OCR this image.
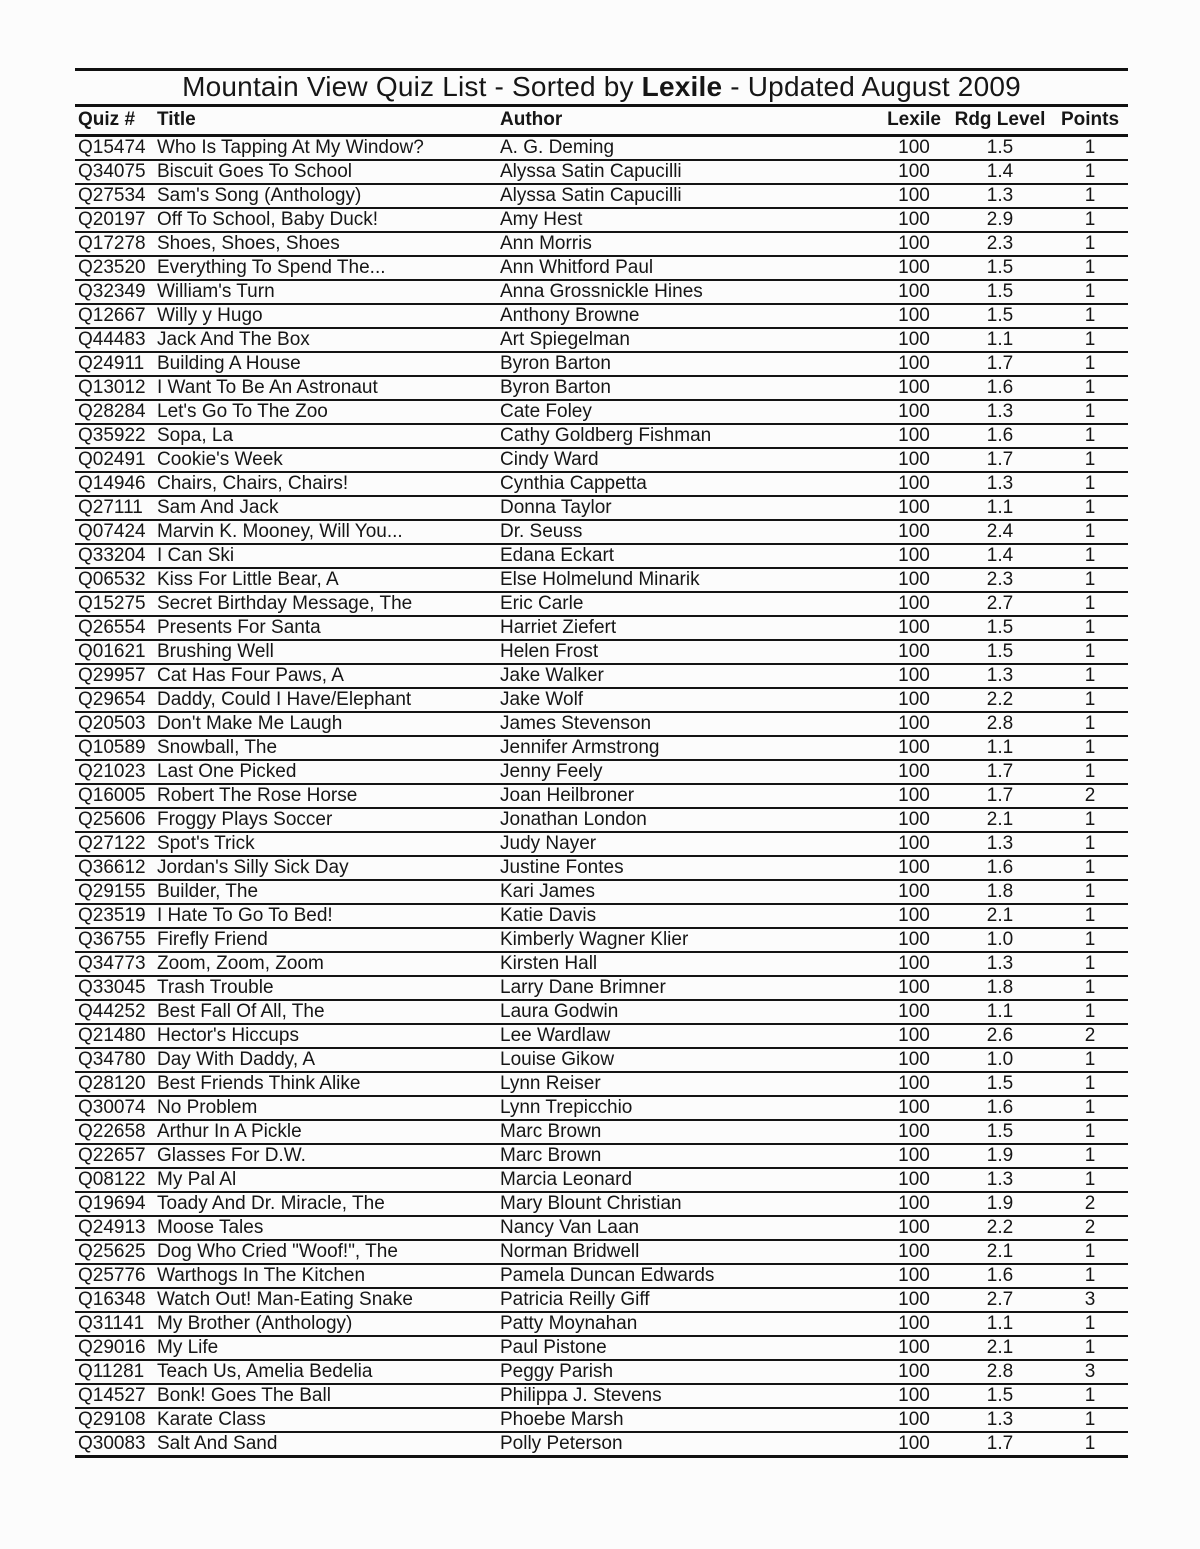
Mountain View Quiz List - Sorted by Lexile - Updated August 2009
Quiz #	Title	Author	Lexile	Rdg Level	Points
Q15474	Who Is Tapping At My Window?	A. G. Deming	100	1.5	1
Q34075	Biscuit Goes To School	Alyssa Satin Capucilli	100	1.4	1
Q27534	Sam's Song (Anthology)	Alyssa Satin Capucilli	100	1.3	1
Q20197	Off To School, Baby Duck!	Amy Hest	100	2.9	1
Q17278	Shoes, Shoes, Shoes	Ann Morris	100	2.3	1
Q23520	Everything To Spend The...	Ann Whitford Paul	100	1.5	1
Q32349	William's Turn	Anna Grossnickle Hines	100	1.5	1
Q12667	Willy y Hugo	Anthony Browne	100	1.5	1
Q44483	Jack And The Box	Art Spiegelman	100	1.1	1
Q24911	Building A House	Byron Barton	100	1.7	1
Q13012	I Want To Be An Astronaut	Byron Barton	100	1.6	1
Q28284	Let's Go To The Zoo	Cate Foley	100	1.3	1
Q35922	Sopa, La	Cathy Goldberg Fishman	100	1.6	1
Q02491	Cookie's Week	Cindy Ward	100	1.7	1
Q14946	Chairs, Chairs, Chairs!	Cynthia Cappetta	100	1.3	1
Q27111	Sam And Jack	Donna Taylor	100	1.1	1
Q07424	Marvin K. Mooney, Will You...	Dr. Seuss	100	2.4	1
Q33204	I Can Ski	Edana Eckart	100	1.4	1
Q06532	Kiss For Little Bear, A	Else Holmelund Minarik	100	2.3	1
Q15275	Secret Birthday Message, The	Eric Carle	100	2.7	1
Q26554	Presents For Santa	Harriet Ziefert	100	1.5	1
Q01621	Brushing Well	Helen Frost	100	1.5	1
Q29957	Cat Has Four Paws, A	Jake Walker	100	1.3	1
Q29654	Daddy, Could I Have/Elephant	Jake Wolf	100	2.2	1
Q20503	Don't Make Me Laugh	James Stevenson	100	2.8	1
Q10589	Snowball, The	Jennifer Armstrong	100	1.1	1
Q21023	Last One Picked	Jenny Feely	100	1.7	1
Q16005	Robert The Rose Horse	Joan Heilbroner	100	1.7	2
Q25606	Froggy Plays Soccer	Jonathan London	100	2.1	1
Q27122	Spot's Trick	Judy Nayer	100	1.3	1
Q36612	Jordan's Silly Sick Day	Justine Fontes	100	1.6	1
Q29155	Builder, The	Kari James	100	1.8	1
Q23519	I Hate To Go To Bed!	Katie Davis	100	2.1	1
Q36755	Firefly Friend	Kimberly Wagner Klier	100	1.0	1
Q34773	Zoom, Zoom, Zoom	Kirsten Hall	100	1.3	1
Q33045	Trash Trouble	Larry Dane Brimner	100	1.8	1
Q44252	Best Fall Of All, The	Laura Godwin	100	1.1	1
Q21480	Hector's Hiccups	Lee Wardlaw	100	2.6	2
Q34780	Day With Daddy, A	Louise Gikow	100	1.0	1
Q28120	Best Friends Think Alike	Lynn Reiser	100	1.5	1
Q30074	No Problem	Lynn Trepicchio	100	1.6	1
Q22658	Arthur In A Pickle	Marc Brown	100	1.5	1
Q22657	Glasses For D.W.	Marc Brown	100	1.9	1
Q08122	My Pal Al	Marcia Leonard	100	1.3	1
Q19694	Toady And Dr. Miracle, The	Mary Blount Christian	100	1.9	2
Q24913	Moose Tales	Nancy Van Laan	100	2.2	2
Q25625	Dog Who Cried "Woof!", The	Norman Bridwell	100	2.1	1
Q25776	Warthogs In The Kitchen	Pamela Duncan Edwards	100	1.6	1
Q16348	Watch Out! Man-Eating Snake	Patricia Reilly Giff	100	2.7	3
Q31141	My Brother (Anthology)	Patty Moynahan	100	1.1	1
Q29016	My Life	Paul Pistone	100	2.1	1
Q11281	Teach Us, Amelia Bedelia	Peggy Parish	100	2.8	3
Q14527	Bonk! Goes The Ball	Philippa J. Stevens	100	1.5	1
Q29108	Karate Class	Phoebe Marsh	100	1.3	1
Q30083	Salt And Sand	Polly Peterson	100	1.7	1
